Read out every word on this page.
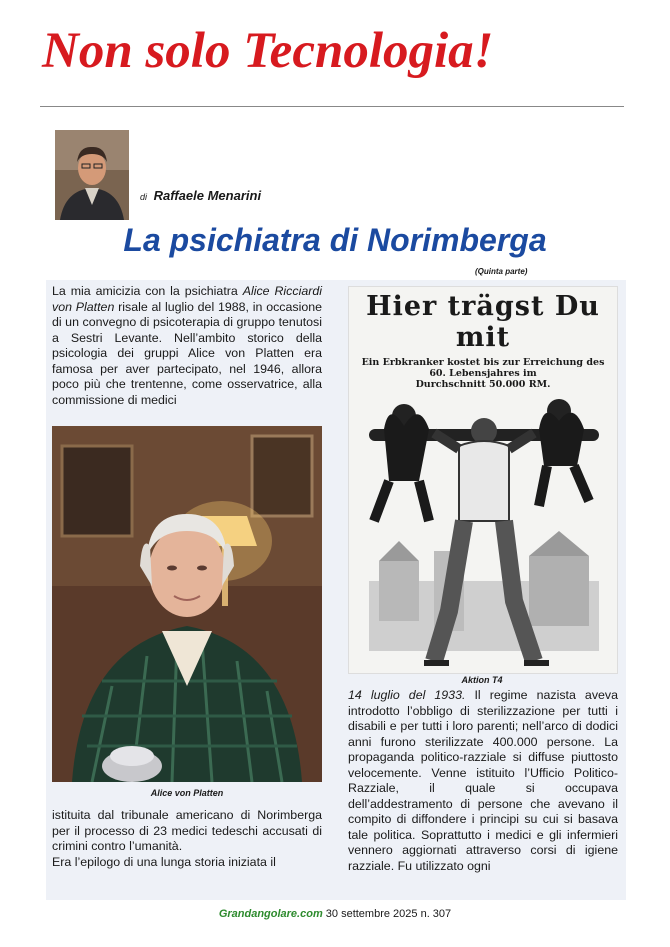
Non solo Tecnologia!
di Raffaele Menarini
La psichiatra di Norimberga
(Quinta parte)

La mia amicizia con la psichiatra Alice Ricciardi von Platten risale al luglio del 1988, in occasione di un convegno di psicoterapia di gruppo tenutosi a Sestri Levante. Nell’ambito storico della psicologia dei gruppi Alice von Platten era famosa per aver partecipato, nel 1946, allora poco più che trentenne, come osservatrice, alla commissione di medici

Alice von Platten

istituita dal tribunale americano di Norimberga per il processo di 23 medici tedeschi accusati di crimini contro l’umanità.

Era l’epilogo di una lunga storia iniziata il

Hier trägst Du mit
Ein Erbkranker kostet bis zur Erreichung des
60. Lebensjahres im
Durchschnitt 50.000 RM.
Aktion T4

14 luglio del 1933. Il regime nazista aveva introdotto l’obbligo di sterilizzazione per tutti i disabili e per tutti i loro parenti; nell’arco di dodici anni furono sterilizzate 400.000 persone. La propaganda politico-razziale si diffuse piuttosto velocemente. Venne istituito l’Ufficio Politico-Razziale, il quale si occupava dell’addestramento di persone che avevano il compito di diffondere i principi su cui si basava tale politica. Soprattutto i medici e gli infermieri vennero aggiornati attraverso corsi di igiene razziale. Fu utilizzato ogni

Grandangolare.com 30 settembre 2025 n. 307
